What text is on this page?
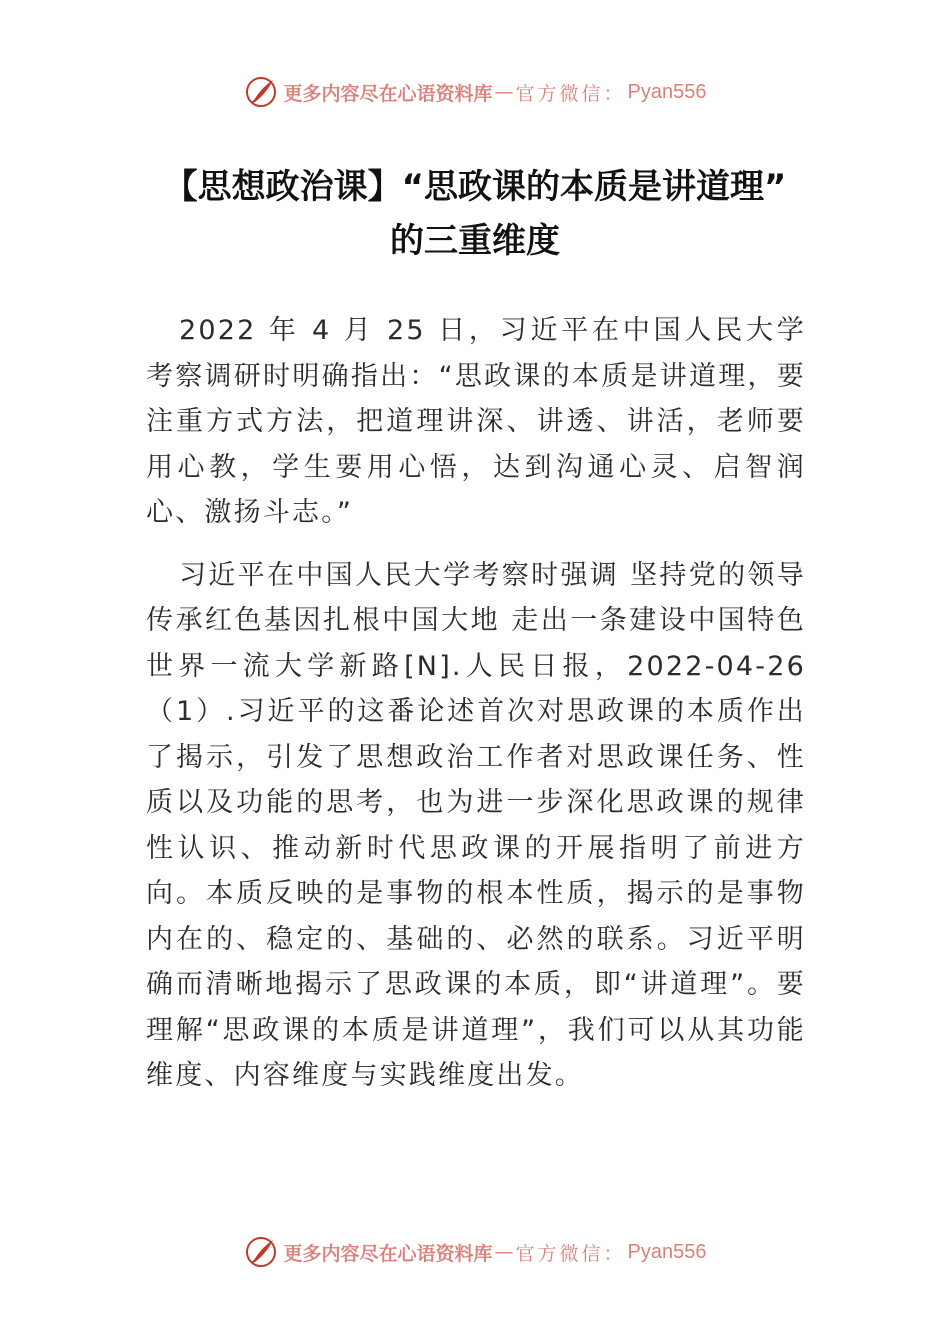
更多内容尽在心语资料库 — 官方微信： Pyan556
【思想政治课】“思政课的本质是讲道理”
的三重维度

2022 年 4 月 25 日，习近平在中国人民大学考察调研时明确指出：“思政课的本质是讲道理，要注重方式方法，把道理讲深、讲透、讲活，老师要用心教，学生要用心悟，达到沟通心灵、启智润心、激扬斗志。”

习近平在中国人民大学考察时强调 坚持党的领导传承红色基因扎根中国大地 走出一条建设中国特色世界一流大学新路[N].人民日报，2022-04-26（1）.习近平的这番论述首次对思政课的本质作出了揭示，引发了思想政治工作者对思政课任务、性质以及功能的思考，也为进一步深化思政课的规律性认识、推动新时代思政课的开展指明了前进方向。本质反映的是事物的根本性质，揭示的是事物内在的、稳定的、基础的、必然的联系。习近平明确而清晰地揭示了思政课的本质，即“讲道理”。要理解“思政课的本质是讲道理”，我们可以从其功能维度、内容维度与实践维度出发。

更多内容尽在心语资料库 — 官方微信： Pyan556
